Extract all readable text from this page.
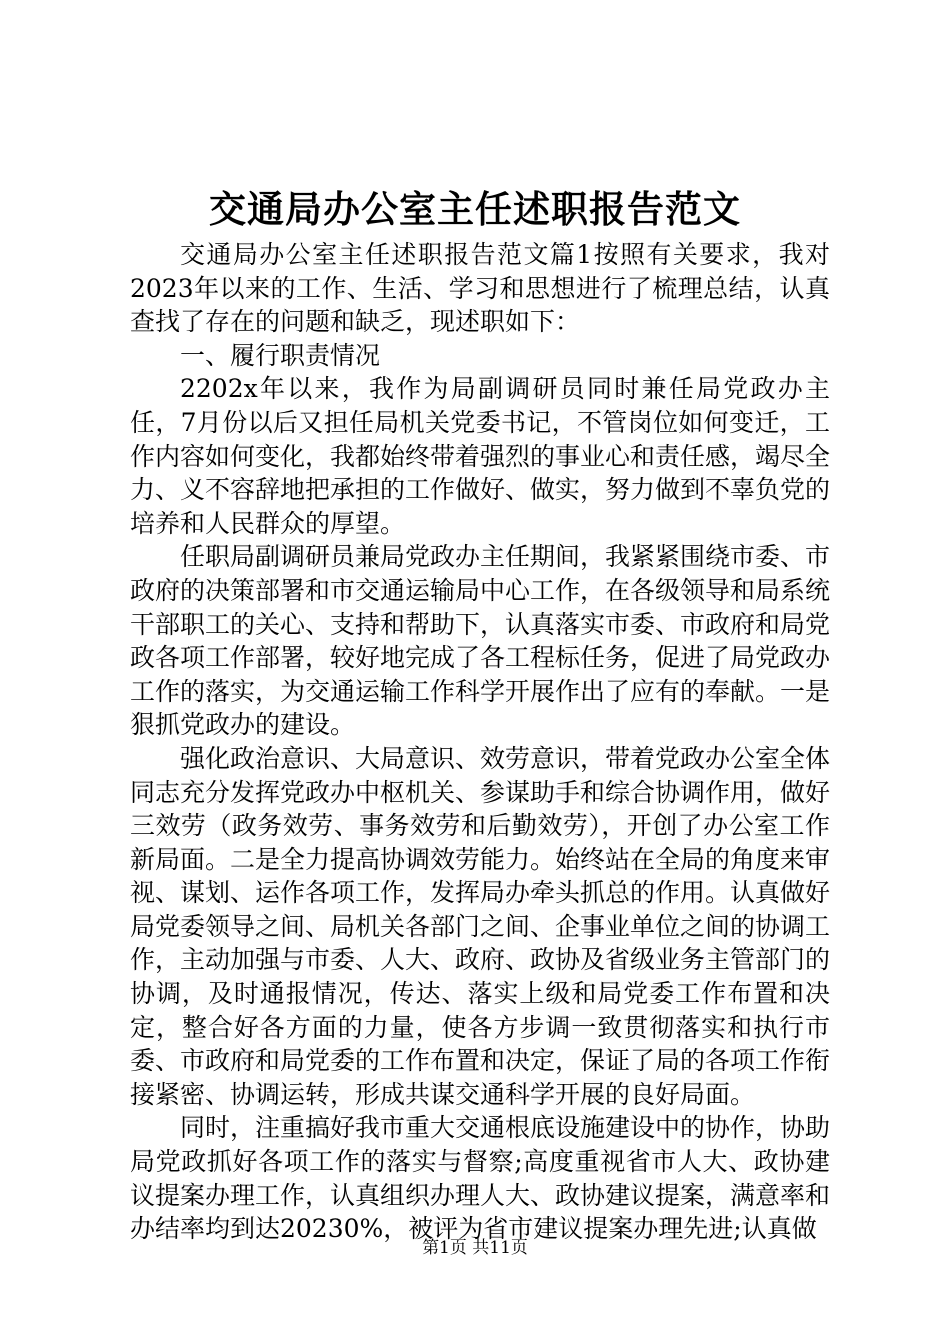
交通局办公室主任述职报告范文

交通局办公室主任述职报告范文篇1按照有关要求，我对2023年以来的工作、生活、学习和思想进行了梳理总结，认真查找了存在的问题和缺乏，现述职如下：

一、履行职责情况

2202x年以来，我作为局副调研员同时兼任局党政办主任，7月份以后又担任局机关党委书记，不管岗位如何变迁，工作内容如何变化，我都始终带着强烈的事业心和责任感，竭尽全力、义不容辞地把承担的工作做好、做实，努力做到不辜负党的培养和人民群众的厚望。

任职局副调研员兼局党政办主任期间，我紧紧围绕市委、市政府的决策部署和市交通运输局中心工作，在各级领导和局系统干部职工的关心、支持和帮助下，认真落实市委、市政府和局党政各项工作部署，较好地完成了各工程标任务，促进了局党政办工作的落实，为交通运输工作科学开展作出了应有的奉献。一是狠抓党政办的建设。

强化政治意识、大局意识、效劳意识，带着党政办公室全体同志充分发挥党政办中枢机关、参谋助手和综合协调作用，做好三效劳（政务效劳、事务效劳和后勤效劳），开创了办公室工作新局面。二是全力提高协调效劳能力。始终站在全局的角度来审视、谋划、运作各项工作，发挥局办牵头抓总的作用。认真做好局党委领导之间、局机关各部门之间、企事业单位之间的协调工作，主动加强与市委、人大、政府、政协及省级业务主管部门的协调，及时通报情况，传达、落实上级和局党委工作布置和决定，整合好各方面的力量，使各方步调一致贯彻落实和执行市委、市政府和局党委的工作布置和决定，保证了局的各项工作衔接紧密、协调运转，形成共谋交通科学开展的良好局面。

同时，注重搞好我市重大交通根底设施建设中的协作，协助局党政抓好各项工作的落实与督察;高度重视省市人大、政协建议提案办理工作，认真组织办理人大、政协建议提案，满意率和办结率均到达20230%，被评为省市建议提案办理先进;认真做

第1页 共11页
